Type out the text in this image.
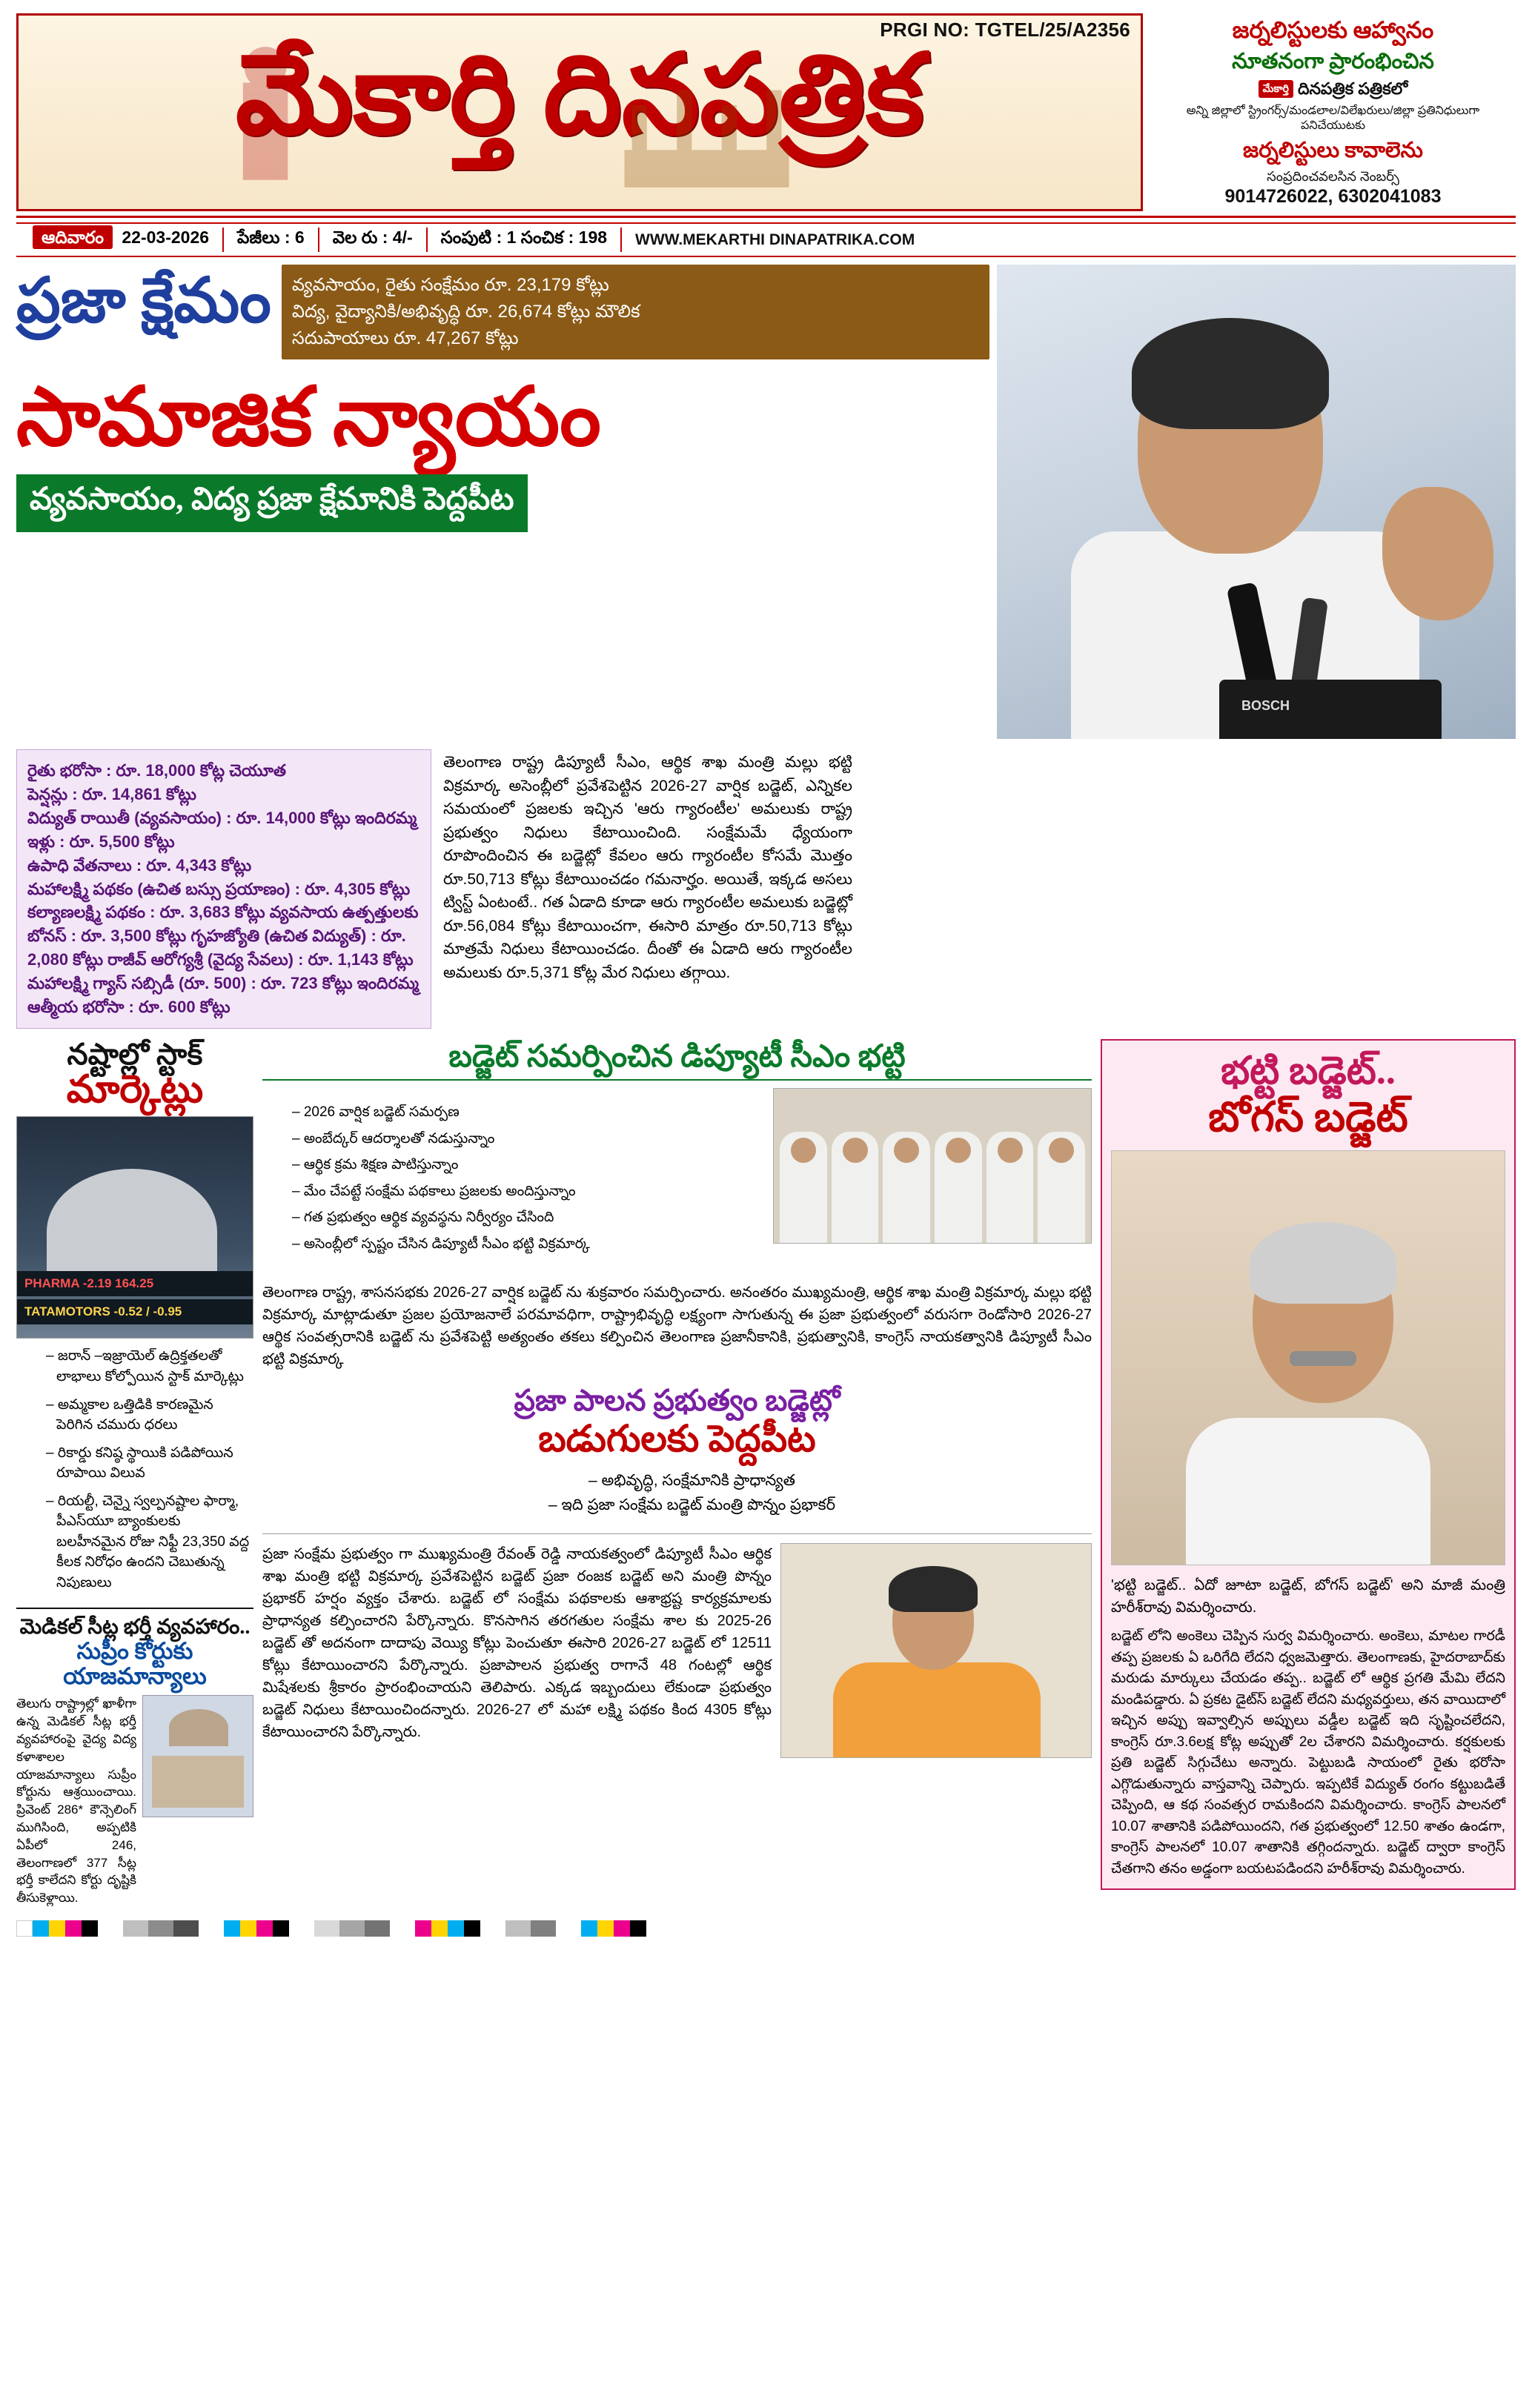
PRGI NO: TGTEL/25/A2356
మేకార్తి దినపత్రిక
జర్నలిస్టులకు ఆహ్వానం
నూతనంగా ప్రారంభించిన
మేకార్తి దినపత్రిక పత్రికలో
అన్ని జిల్లాలో స్ట్రింగర్స్/మండలాల/విలేఖరులు/జిల్లా ప్రతినిధులుగా పనిచేయుటకు
జర్నలిస్టులు కావాలెను
సంప్రదించవలసిన నెంబర్స్
9014726022, 6302041083
ఆదివారం 22-03-2026	పేజీలు : 6	వెల రు : 4/-	సంపుటి : 1 సంచిక : 198	WWW.MEKARTHI DINAPATRIKA.COM
ప్రజా క్షేమం వ్యవసాయం, రైతు సంక్షేమం రూ. 23,179 కోట్లు
విద్య, వైద్యానికి/అభివృద్ధి రూ. 26,674 కోట్లు మౌలిక
సదుపాయాలు రూ. 47,267 కోట్లు
సామాజిక న్యాయం
వ్యవసాయం, విద్య ప్రజా క్షేమానికి పెద్దపీట
BOSCH
రైతు భరోసా : రూ. 18,000 కోట్ల చెయూత
పెన్షన్లు : రూ. 14,861 కోట్లు
విద్యుత్ రాయితీ (వ్యవసాయం) : రూ. 14,000 కోట్లు ఇందిరమ్మ ఇళ్లు : రూ. 5,500 కోట్లు
ఉపాధి వేతనాలు : రూ. 4,343 కోట్లు
మహాలక్ష్మి పథకం (ఉచిత బస్సు ప్రయాణం) : రూ. 4,305 కోట్లు కల్యాణలక్ష్మి పథకం : రూ. 3,683 కోట్లు వ్యవసాయ ఉత్పత్తులకు బోనస్ : రూ. 3,500 కోట్లు గృహజ్యోతి (ఉచిత విద్యుత్) : రూ. 2,080 కోట్లు రాజీవ్ ఆరోగ్యశ్రీ (వైద్య సేవలు) : రూ. 1,143 కోట్లు
మహాలక్ష్మి గ్యాస్ సబ్సిడీ (రూ. 500) : రూ. 723 కోట్లు ఇందిరమ్మ ఆత్మీయ భరోసా : రూ. 600 కోట్లు
తెలంగాణ రాష్ట్ర డిప్యూటీ సీఎం, ఆర్థిక శాఖ మంత్రి మల్లు భట్టి విక్రమార్క అసెంబ్లీలో ప్రవేశపెట్టిన 2026-27 వార్షిక బడ్జెట్, ఎన్నికల సమయంలో ప్రజలకు ఇచ్చిన 'ఆరు గ్యారంటీల' అమలుకు రాష్ట్ర ప్రభుత్వం నిధులు కేటాయించింది. సంక్షేమమే ధ్యేయంగా రూపొందించిన ఈ బడ్జెట్లో కేవలం ఆరు గ్యారంటీల కోసమే మొత్తం రూ.50,713 కోట్లు కేటాయించడం గమనార్హం. అయితే, ఇక్కడ అసలు ట్విస్ట్ ఏంటంటే.. గత ఏడాది కూడా ఆరు గ్యారంటీల అమలుకు బడ్జెట్లో రూ.56,084 కోట్లు కేటాయించగా, ఈసారి మాత్రం రూ.50,713 కోట్లు మాత్రమే నిధులు కేటాయించడం. దీంతో ఈ ఏడాది ఆరు గ్యారంటీల అమలుకు రూ.5,371 కోట్ల మేర నిధులు తగ్గాయి.
నష్టాల్లో స్టాక్
మార్కెట్లు
PHARMA -2.19 164.25
TATAMOTORS -0.52 / -0.95
– జరాన్ –ఇజ్రాయెల్ ఉద్రిక్తతలతో లాభాలు కోల్పోయిన స్టాక్ మార్కెట్లు
– అమ్మకాల ఒత్తిడికి కారణమైన పెరిగిన చమురు ధరలు
– రికార్డు కనిష్ఠ స్థాయికి పడిపోయిన రూపాయి విలువ
– రియల్టీ, చెన్నై స్వల్పనష్టాల ఫార్మా, పీఎస్‌యూ బ్యాంకులకు బలహీనమైన రోజు నిఫ్టీ 23,350 వద్ద కీలక నిరోధం ఉందని చెబుతున్న నిపుణులు
మెడికల్ సీట్ల భర్తీ వ్యవహారం..
సుప్రీం కోర్టుకు యాజమాన్యాలు
తెలుగు రాష్ట్రాల్లో ఖాళీగా ఉన్న మెడికల్ సీట్ల భర్తీ వ్యవహారంపై వైద్య విద్య కళాశాలల యాజమాన్యాలు సుప్రీం కోర్టును ఆశ్రయించాయి. ప్రివెంట్ 286* కౌన్సెలింగ్ ముగిసింది, అప్పటికి ఏపీలో 246, తెలంగాణలో 377 సీట్ల భర్తీ కాలేదని కోర్టు దృష్టికి తీసుకెళ్లాయి.
బడ్జెట్ సమర్పించిన డిప్యూటీ సీఎం భట్టి
– 2026 వార్షిక బడ్జెట్ సమర్పణ
– అంబేద్కర్ ఆదర్శాలతో నడుస్తున్నాం
– ఆర్థిక క్రమ శిక్షణ పాటిస్తున్నాం
– మేం చేపట్టే సంక్షేమ పథకాలు ప్రజలకు అందిస్తున్నాం
– గత ప్రభుత్వం ఆర్థిక వ్యవస్థను నిర్వీర్యం చేసింది
– అసెంబ్లీలో స్పష్టం చేసిన డిప్యూటీ సీఎం భట్టి విక్రమార్క
తెలంగాణ రాష్ట్ర, శాసనసభకు 2026-27 వార్షిక బడ్జెట్ ను శుక్రవారం సమర్పించారు. అనంతరం ముఖ్యమంత్రి, ఆర్థిక శాఖ మంత్రి విక్రమార్క మల్లు భట్టి విక్రమార్క మాట్లాడుతూ ప్రజల ప్రయోజనాలే పరమావధిగా, రాష్ట్రాభివృద్ధి లక్ష్యంగా సాగుతున్న ఈ ప్రజా ప్రభుత్వంలో వరుసగా రెండోసారి 2026-27 ఆర్థిక సంవత్సరానికి బడ్జెట్ ను ప్రవేశపెట్టి అత్యంతం తకలు కల్పించిన తెలంగాణ ప్రజానీకానికి, ప్రభుత్వానికి, కాంగ్రెస్ నాయకత్వానికి డిప్యూటీ సీఎం భట్టి విక్రమార్క
ప్రజా పాలన ప్రభుత్వం బడ్జెట్లో
బడుగులకు పెద్దపీట
– అభివృద్ధి, సంక్షేమానికి ప్రాధాన్యత
– ఇది ప్రజా సంక్షేమ బడ్జెట్ మంత్రి పొన్నం ప్రభాకర్
ప్రజా సంక్షేమ ప్రభుత్వం గా ముఖ్యమంత్రి రేవంత్ రెడ్డి నాయకత్వంలో డిప్యూటీ సీఎం ఆర్థిక శాఖ మంత్రి భట్టి విక్రమార్క ప్రవేశపెట్టిన బడ్జెట్ ప్రజా రంజక బడ్జెట్ అని మంత్రి పొన్నం ప్రభాకర్ హర్షం వ్యక్తం చేశారు. బడ్జెట్ లో సంక్షేమ పథకాలకు ఆశాభ్రష్ట కార్యక్రమాలకు ప్రాధాన్యత కల్పించారని పేర్కొన్నారు. కొనసాగిన తరగతుల సంక్షేమ శాల కు 2025-26 బడ్జెట్ తో అదనంగా దాదాపు వెయ్యి కోట్లు పెంచుతూ ఈసారి 2026-27 బడ్జెట్ లో 12511 కోట్లు కేటాయించారని పేర్కొన్నారు. ప్రజాపాలన ప్రభుత్వ రాగానే 48 గంటల్లో ఆర్థిక మిషేశలకు శ్రీకారం ప్రారంభించాయని తెలిపారు. ఎక్కడ ఇబ్బందులు లేకుండా ప్రభుత్వం బడ్జెట్ నిధులు కేటాయించిందన్నారు. 2026-27 లో మహా లక్ష్మి పథకం కింద 4305 కోట్లు కేటాయించారని పేర్కొన్నారు.
భట్టి బడ్జెట్..
బోగస్ బడ్జెట్
'భట్టి బడ్జెట్.. ఏదో జూటా బడ్జెట్, బోగస్ బడ్జెట్' అని మాజీ మంత్రి హరీశ్‌రావు విమర్శించారు.
బడ్జెట్ లోని అంకెలు చెప్పిన సుర్వ విమర్శించారు. అంకెలు, మాటల గారడీ తప్ప ప్రజలకు ఏ ఒరిగేది లేదని ధ్వజమెత్తారు. తెలంగాణకు, హైదరాబాద్‌కు మరుడు మార్కులు చేయడం తప్ప.. బడ్జెట్ లో ఆర్థిక ప్రగతి మేమి లేదని మండిపడ్డారు. ఏ ప్రకట డైట్‌స్ బడ్జెట్ లేదని మధ్యవర్తులు, తన వాయిదాలో ఇచ్చిన అప్పు ఇవ్వాల్సిన అప్పులు వడ్డీల బడ్జెట్ ఇది సృష్టించలేదని, కాంగ్రెస్ రూ.3.6లక్ష కోట్ల అప్పుతో 2ల చేశారని విమర్శించారు. కర్షకులకు ప్రతి బడ్జెట్ సిగ్గుచేటు అన్నారు. పెట్టుబడి సాయంలో రైతు భరోసా ఎగ్గొడుతున్నారు వాస్తవాన్ని చెప్పారు. ఇప్పటికే విద్యుత్ రంగం కట్టుబడితే చెప్పింది, ఆ కథ సంవత్సర రామకిందని విమర్శించారు. కాంగ్రెస్ పాలనలో 10.07 శాతానికి పడిపోయిందని, గత ప్రభుత్వంలో 12.50 శాతం ఉండగా, కాంగ్రెస్ పాలనలో 10.07 శాతానికి తగ్గిందన్నారు. బడ్జెట్ ద్వారా కాంగ్రెస్ చేతగాని తనం అడ్డంగా బయటపడిందని హరీశ్‌రావు విమర్శించారు.
